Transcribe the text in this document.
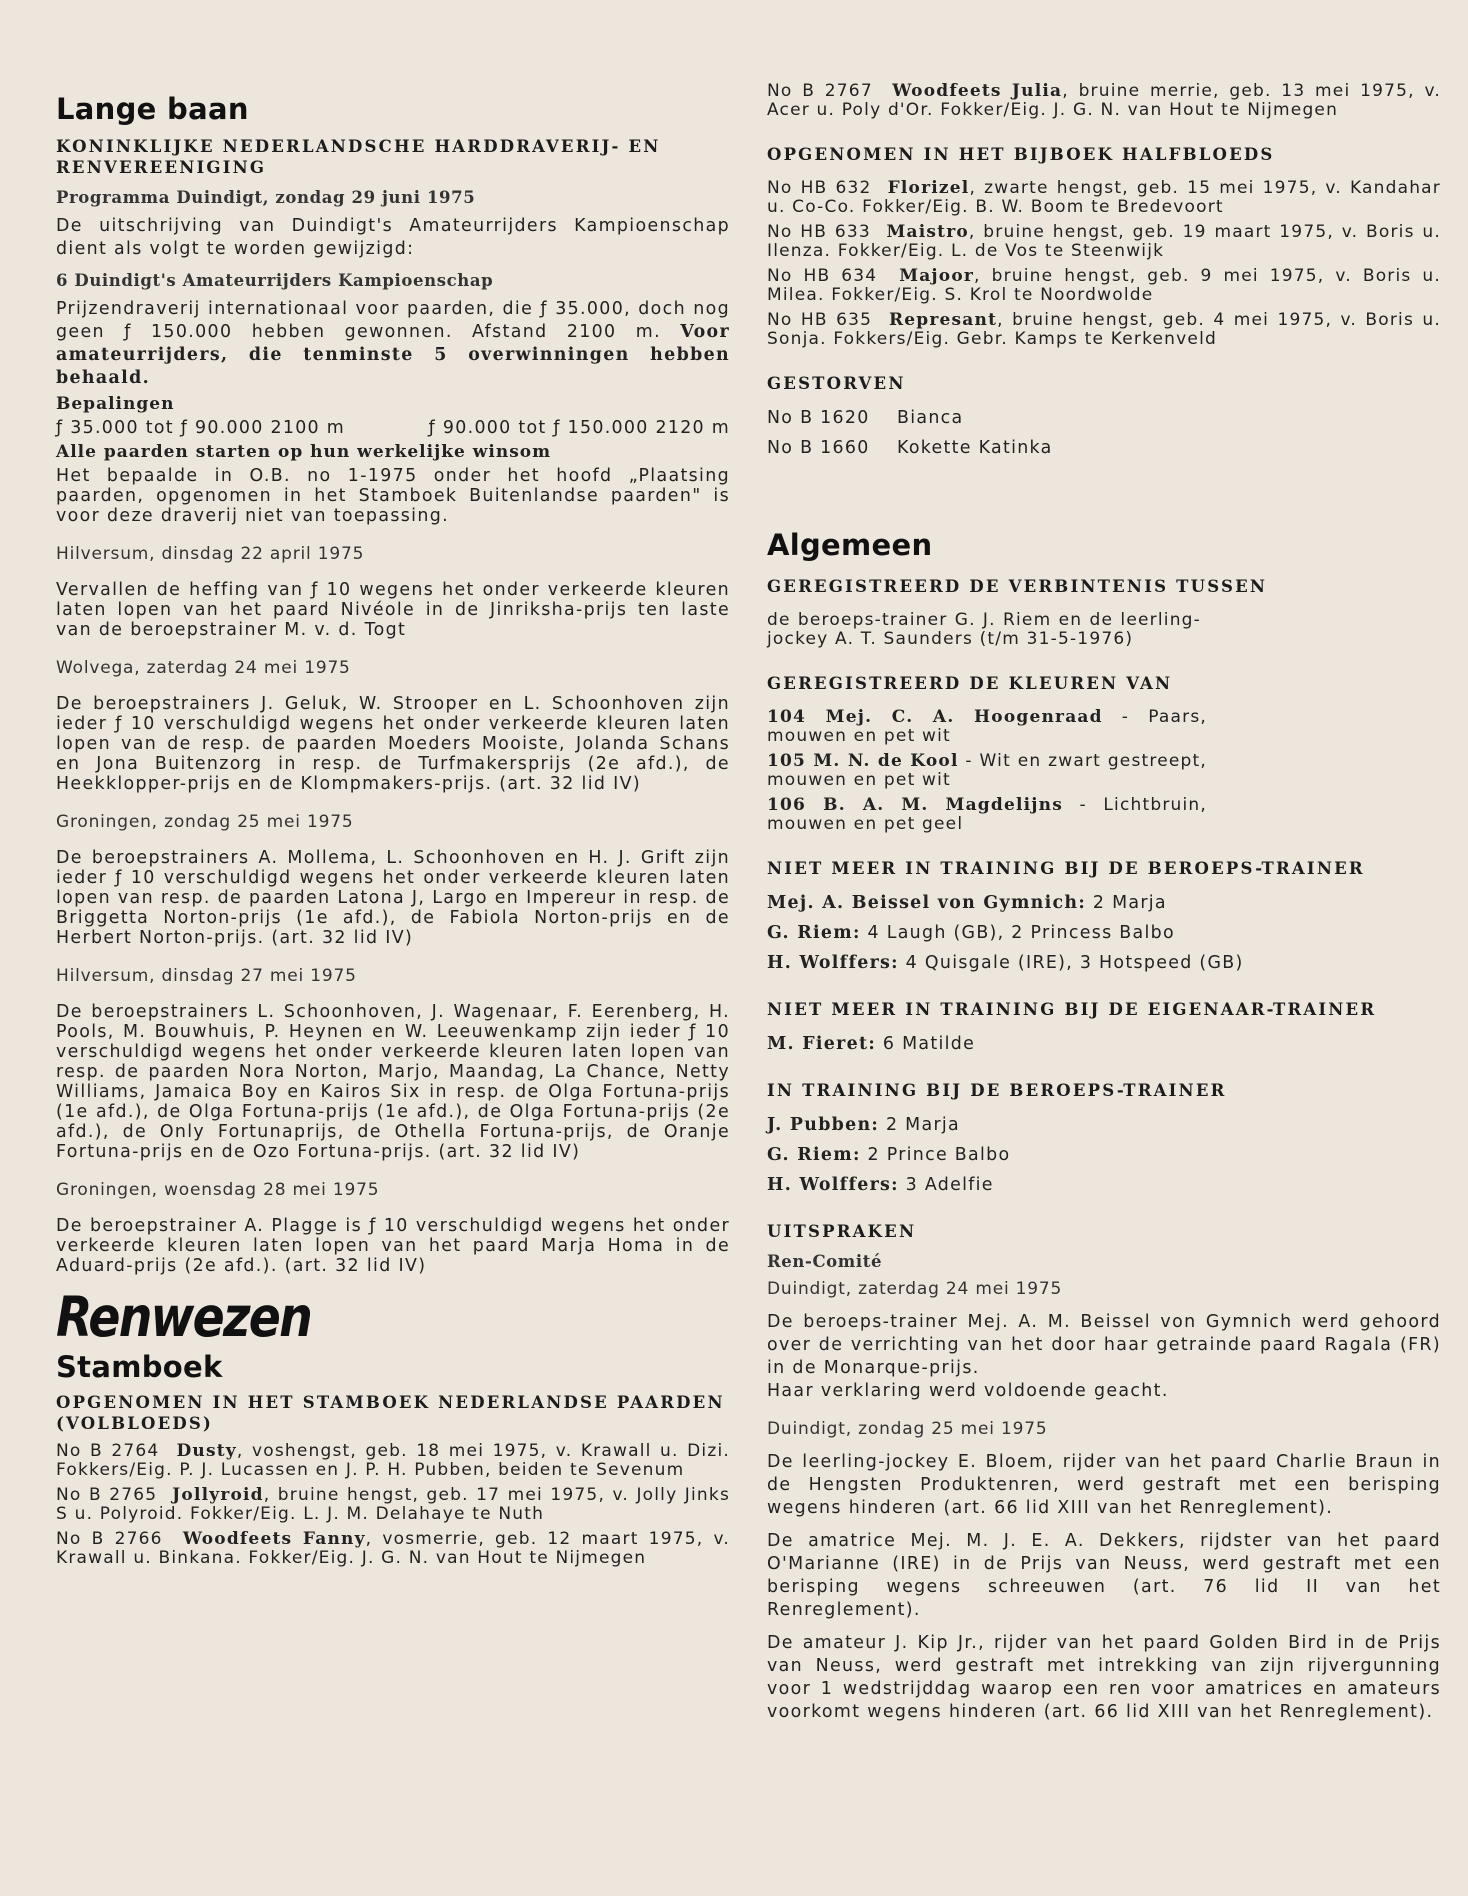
Lange baan
KONINKLIJKE NEDERLANDSCHE HARDDRAVERIJ- EN RENVEREENIGING
Programma Duindigt, zondag 29 juni 1975

De uitschrijving van Duindigt's Amateurrijders Kampioenschap dient als volgt te worden gewijzigd:

6 Duindigt's Amateurrijders Kampioenschap

Prijzendraverij internationaal voor paarden, die ƒ 35.000, doch nog geen ƒ 150.000 hebben gewonnen. Afstand 2100 m. Voor amateurrijders, die tenminste 5 overwinningen hebben behaald.

Bepalingen
ƒ 35.000 tot ƒ 90.000 2100 m	ƒ 90.000 tot ƒ 150.000 2120 m
Alle paarden starten op hun werkelijke winsom

Het bepaalde in O.B. no 1-1975 onder het hoofd „Plaatsing paarden, opgenomen in het Stamboek Buitenlandse paarden" is voor deze draverij niet van toepassing.

Hilversum, dinsdag 22 april 1975

Vervallen de heffing van ƒ 10 wegens het onder verkeerde kleuren laten lopen van het paard Nivéole in de Jinriksha-prijs ten laste van de beroepstrainer M. v. d. Togt

Wolvega, zaterdag 24 mei 1975

De beroepstrainers J. Geluk, W. Strooper en L. Schoonhoven zijn ieder ƒ 10 verschuldigd wegens het onder verkeerde kleuren laten lopen van de resp. de paarden Moeders Mooiste, Jolanda Schans en Jona Buitenzorg in resp. de Turfmakersprijs (2e afd.), de Heekklopper-prijs en de Klompmakers-prijs. (art. 32 lid IV)

Groningen, zondag 25 mei 1975

De beroepstrainers A. Mollema, L. Schoonhoven en H. J. Grift zijn ieder ƒ 10 verschuldigd wegens het onder verkeerde kleuren laten lopen van resp. de paarden Latona J, Largo en Impereur in resp. de Briggetta Norton-prijs (1e afd.), de Fabiola Norton-prijs en de Herbert Norton-prijs. (art. 32 lid IV)

Hilversum, dinsdag 27 mei 1975

De beroepstrainers L. Schoonhoven, J. Wagenaar, F. Eerenberg, H. Pools, M. Bouwhuis, P. Heynen en W. Leeuwenkamp zijn ieder ƒ 10 verschuldigd wegens het onder verkeerde kleuren laten lopen van resp. de paarden Nora Norton, Marjo, Maandag, La Chance, Netty Williams, Jamaica Boy en Kairos Six in resp. de Olga Fortuna-prijs (1e afd.), de Olga Fortuna-prijs (1e afd.), de Olga Fortuna-prijs (2e afd.), de Only Fortunaprijs, de Othella Fortuna-prijs, de Oranje Fortuna-prijs en de Ozo Fortuna-prijs. (art. 32 lid IV)

Groningen, woensdag 28 mei 1975

De beroepstrainer A. Plagge is ƒ 10 verschuldigd wegens het onder verkeerde kleuren laten lopen van het paard Marja Homa in de Aduard-prijs (2e afd.). (art. 32 lid IV)

Renwezen
Stamboek
OPGENOMEN IN HET STAMBOEK NEDERLANDSE PAARDEN (VOLBLOEDS)

No B 2764 Dusty, voshengst, geb. 18 mei 1975, v. Krawall u. Dizi. Fokkers/Eig. P. J. Lucassen en J. P. H. Pubben, beiden te Sevenum

No B 2765 Jollyroid, bruine hengst, geb. 17 mei 1975, v. Jolly Jinks S u. Polyroid. Fokker/Eig. L. J. M. Delahaye te Nuth

No B 2766 Woodfeets Fanny, vosmerrie, geb. 12 maart 1975, v. Krawall u. Binkana. Fokker/Eig. J. G. N. van Hout te Nijmegen

No B 2767 Woodfeets Julia, bruine merrie, geb. 13 mei 1975, v. Acer u. Poly d'Or. Fokker/Eig. J. G. N. van Hout te Nijmegen

OPGENOMEN IN HET BIJBOEK HALFBLOEDS

No HB 632 Florizel, zwarte hengst, geb. 15 mei 1975, v. Kandahar u. Co-Co. Fokker/Eig. B. W. Boom te Bredevoort

No HB 633 Maistro, bruine hengst, geb. 19 maart 1975, v. Boris u. Ilenza. Fokker/Eig. L. de Vos te Steenwijk

No HB 634 Majoor, bruine hengst, geb. 9 mei 1975, v. Boris u. Milea. Fokker/Eig. S. Krol te Noordwolde

No HB 635 Represant, bruine hengst, geb. 4 mei 1975, v. Boris u. Sonja. Fokkers/Eig. Gebr. Kamps te Kerkenveld

GESTORVEN
No B 1620 Bianca
No B 1660 Kokette Katinka
Algemeen
GEREGISTREERD DE VERBINTENIS TUSSEN

de beroeps-trainer G. J. Riem en de leerling-jockey A. T. Saunders (t/m 31-5-1976)

GEREGISTREERD DE KLEUREN VAN

104 Mej. C. A. Hoogenraad - Paars, mouwen en pet wit

105 M. N. de Kool - Wit en zwart gestreept, mouwen en pet wit

106 B. A. M. Magdelijns - Lichtbruin, mouwen en pet geel

NIET MEER IN TRAINING BIJ DE BEROEPS-TRAINER
Mej. A. Beissel von Gymnich: 2 Marja
G. Riem: 4 Laugh (GB), 2 Princess Balbo
H. Wolffers: 4 Quisgale (IRE), 3 Hotspeed (GB)
NIET MEER IN TRAINING BIJ DE EIGENAAR-TRAINER
M. Fieret: 6 Matilde
IN TRAINING BIJ DE BEROEPS-TRAINER
J. Pubben: 2 Marja
G. Riem: 2 Prince Balbo
H. Wolffers: 3 Adelfie
UITSPRAKEN
Ren-Comité
Duindigt, zaterdag 24 mei 1975

De beroeps-trainer Mej. A. M. Beissel von Gymnich werd gehoord over de verrichting van het door haar getrainde paard Ragala (FR) in de Monarque-prijs.

Haar verklaring werd voldoende geacht.

Duindigt, zondag 25 mei 1975

De leerling-jockey E. Bloem, rijder van het paard Charlie Braun in de Hengsten Produktenren, werd gestraft met een berisping wegens hinderen (art. 66 lid XIII van het Renreglement).

De amatrice Mej. M. J. E. A. Dekkers, rijdster van het paard O'Marianne (IRE) in de Prijs van Neuss, werd gestraft met een berisping wegens schreeuwen (art. 76 lid II van het Renreglement).

De amateur J. Kip Jr., rijder van het paard Golden Bird in de Prijs van Neuss, werd gestraft met intrekking van zijn rijvergunning voor 1 wedstrijddag waarop een ren voor amatrices en amateurs voorkomt wegens hinderen (art. 66 lid XIII van het Renreglement).
